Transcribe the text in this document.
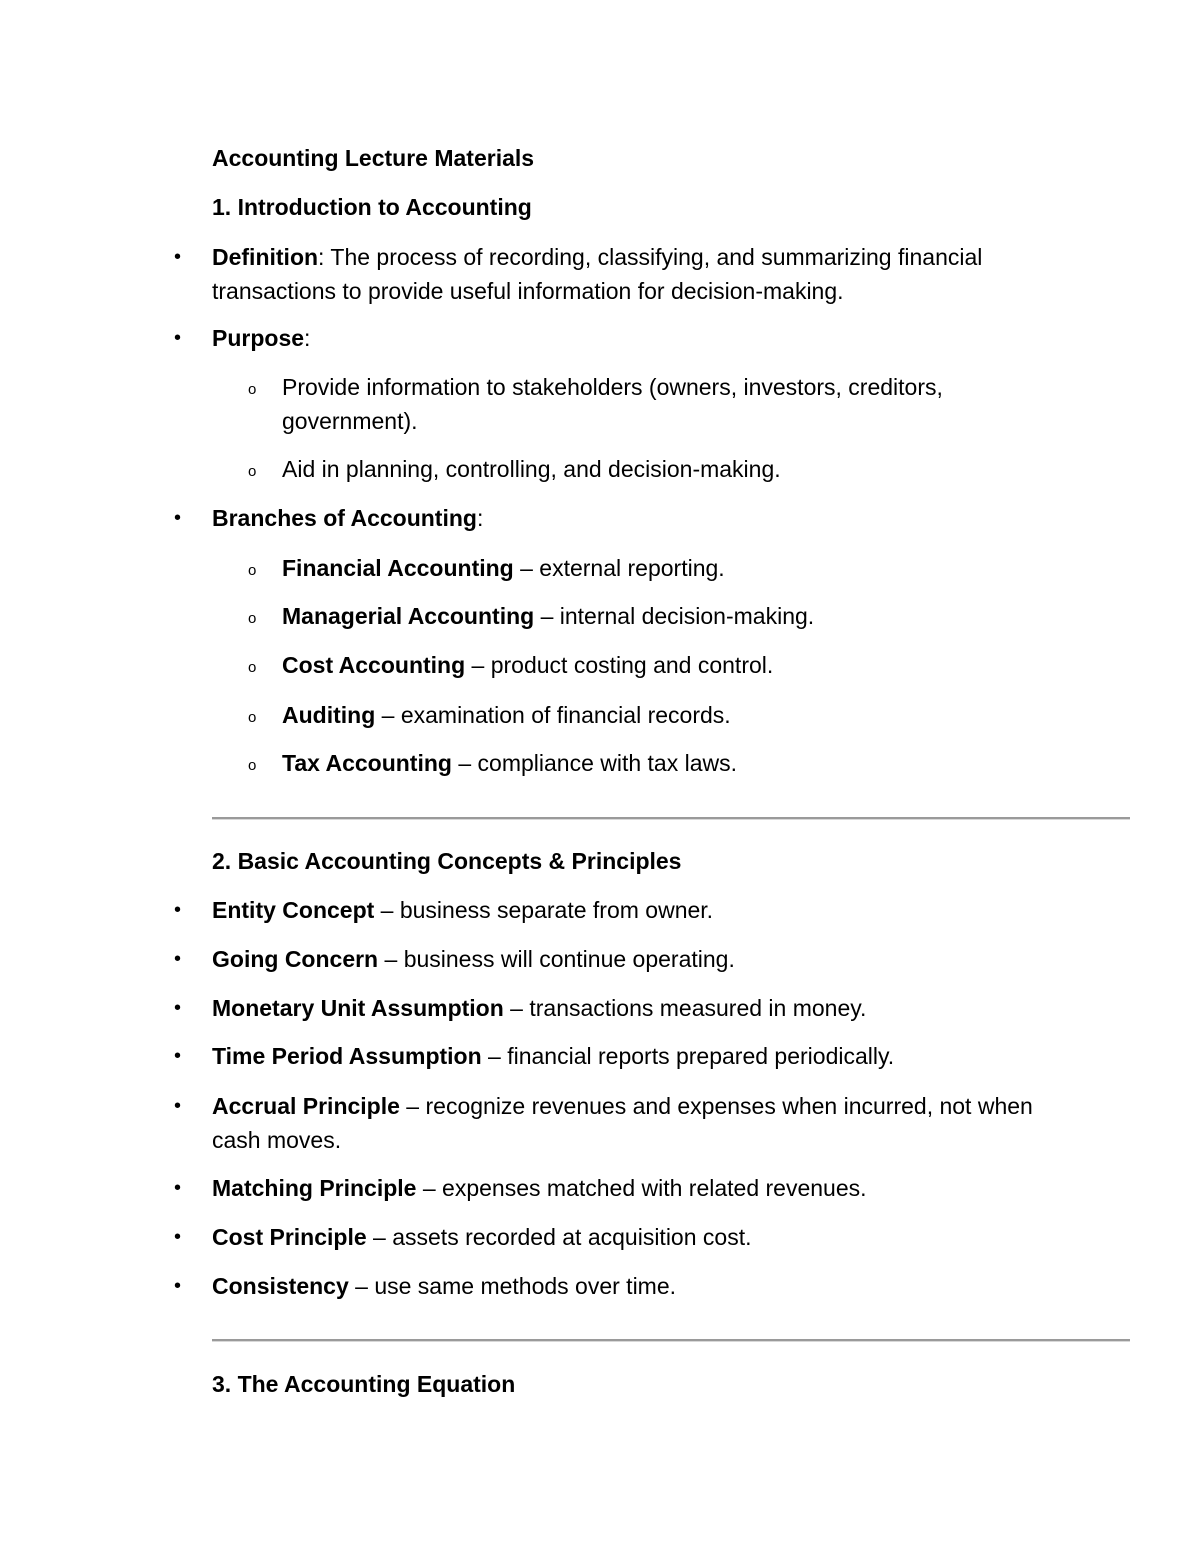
Accounting Lecture Materials
1. Introduction to Accounting
• Definition: The process of recording, classifying, and summarizing financial transactions to provide useful information for decision-making.
• Purpose:
o Provide information to stakeholders (owners, investors, creditors, government).
o Aid in planning, controlling, and decision-making.
• Branches of Accounting:
o Financial Accounting – external reporting.
o Managerial Accounting – internal decision-making.
o Cost Accounting – product costing and control.
o Auditing – examination of financial records.
o Tax Accounting – compliance with tax laws.
2. Basic Accounting Concepts & Principles
• Entity Concept – business separate from owner.
• Going Concern – business will continue operating.
• Monetary Unit Assumption – transactions measured in money.
• Time Period Assumption – financial reports prepared periodically.
• Accrual Principle – recognize revenues and expenses when incurred, not when cash moves.
• Matching Principle – expenses matched with related revenues.
• Cost Principle – assets recorded at acquisition cost.
• Consistency – use same methods over time.
3. The Accounting Equation
